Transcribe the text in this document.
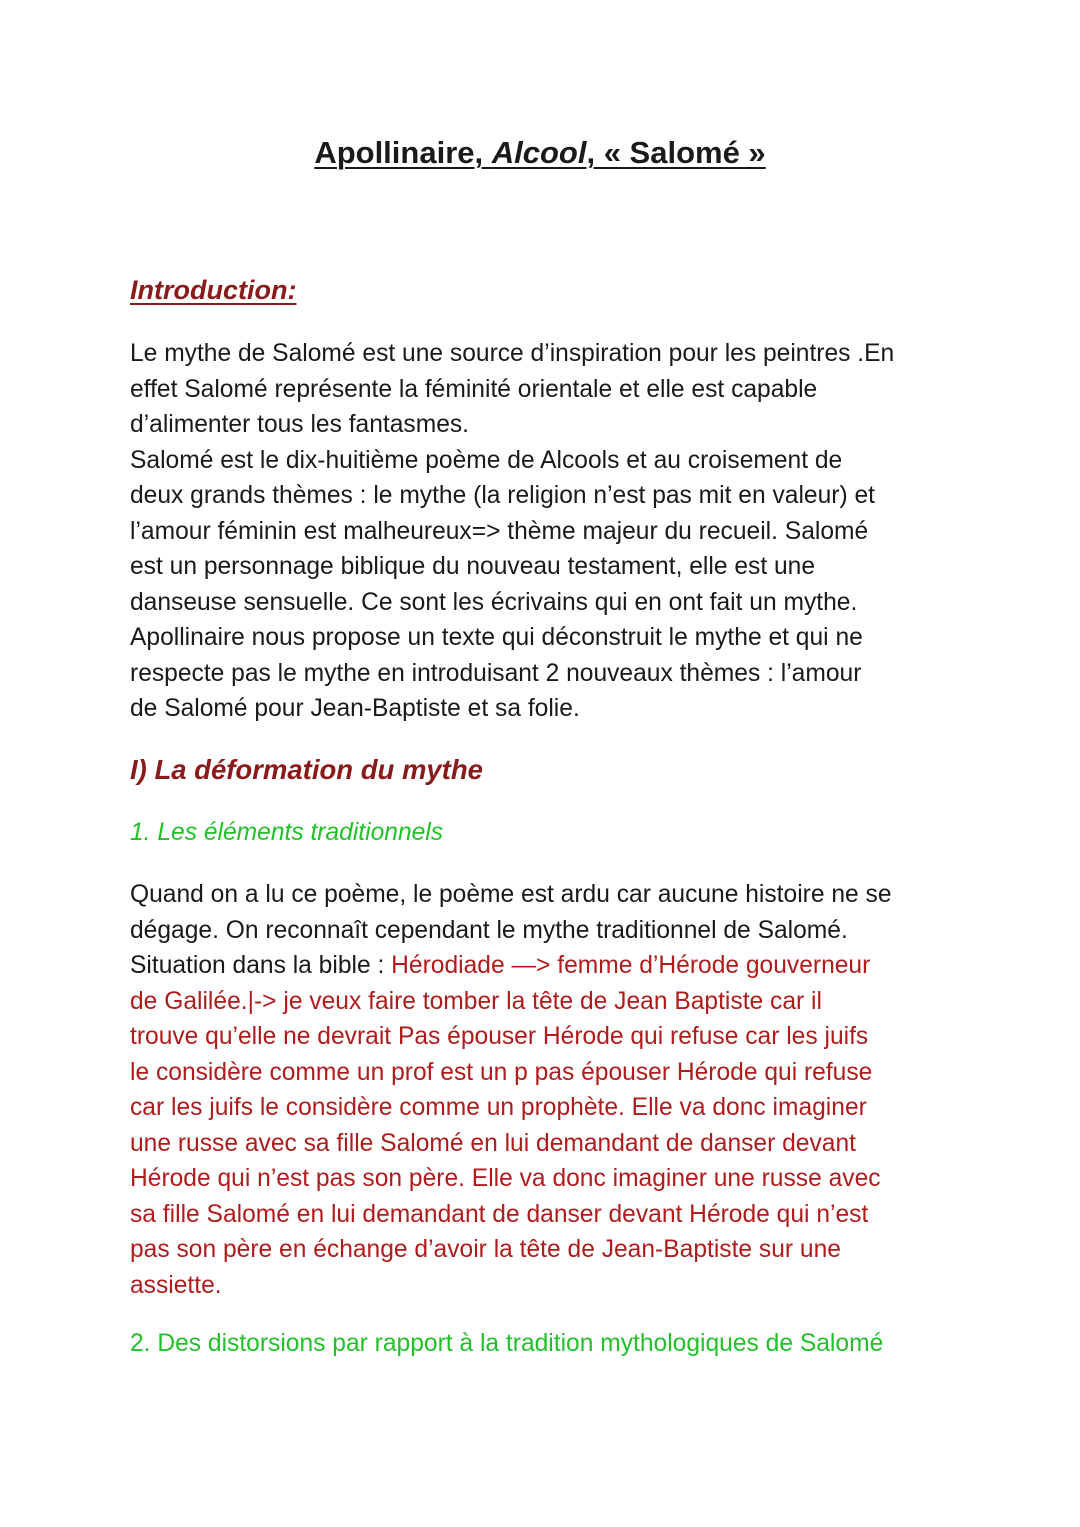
Apollinaire, Alcool, « Salomé »
Introduction:
Le mythe de Salomé est une source d’inspiration pour les peintres .En
effet Salomé représente la féminité orientale et elle est capable
d’alimenter tous les fantasmes.
Salomé est le dix-huitième poème de Alcools et au croisement de
deux grands thèmes : le mythe (la religion n’est pas mit en valeur) et
l’amour féminin est malheureux=> thème majeur du recueil. Salomé
est un personnage biblique du nouveau testament, elle est une
danseuse sensuelle. Ce sont les écrivains qui en ont fait un mythe.
Apollinaire nous propose un texte qui déconstruit le mythe et qui ne
respecte pas le mythe en introduisant 2 nouveaux thèmes : l’amour
de Salomé pour Jean-Baptiste et sa folie.
I) La déformation du mythe
1. Les éléments traditionnels
Quand on a lu ce poème, le poème est ardu car aucune histoire ne se
dégage. On reconnaît cependant le mythe traditionnel de Salomé.
Situation dans la bible : Hérodiade —> femme d’Hérode gouverneur
de Galilée.|-> je veux faire tomber la tête de Jean Baptiste car il
trouve qu’elle ne devrait Pas épouser Hérode qui refuse car les juifs
le considère comme un prof est un p pas épouser Hérode qui refuse
car les juifs le considère comme un prophète. Elle va donc imaginer
une russe avec sa fille Salomé en lui demandant de danser devant
Hérode qui n’est pas son père. Elle va donc imaginer une russe avec
sa fille Salomé en lui demandant de danser devant Hérode qui n’est
pas son père en échange d’avoir la tête de Jean-Baptiste sur une
assiette.
2. Des distorsions par rapport à la tradition mythologiques de Salomé
